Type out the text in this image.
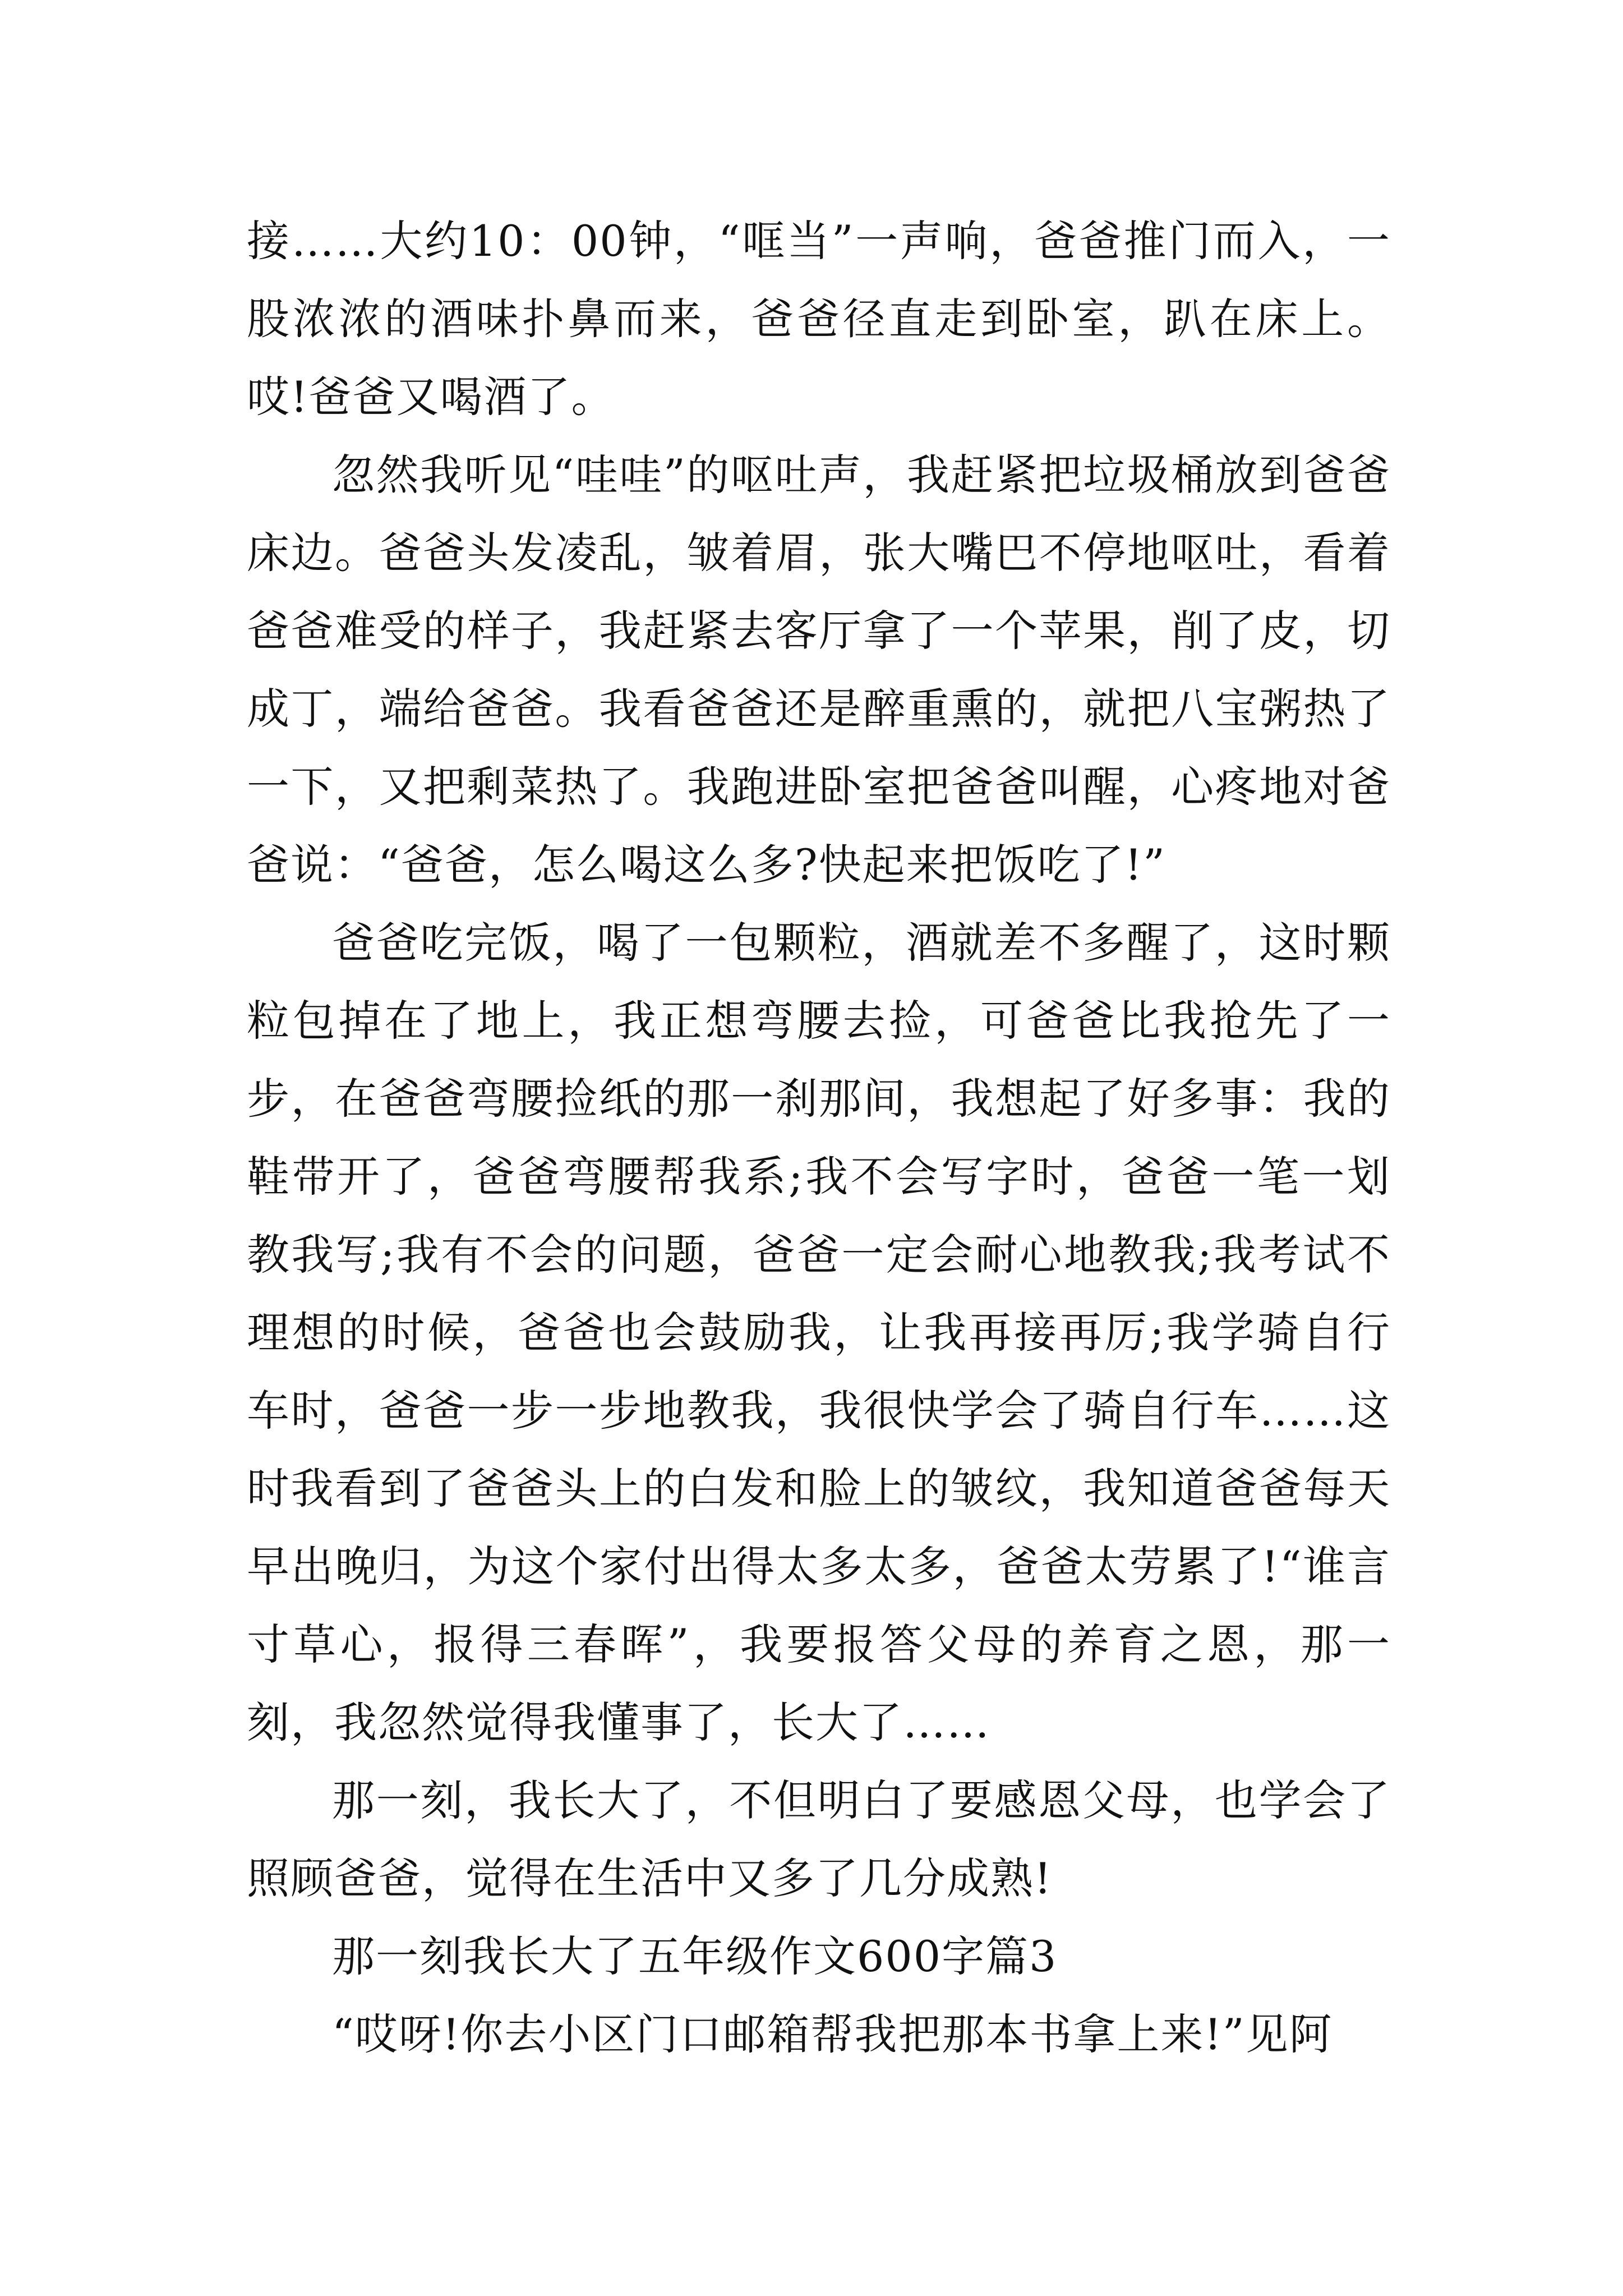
接……大约10：00钟，“哐当”一声响，爸爸推门而入，一股浓浓的酒味扑鼻而来，爸爸径直走到卧室，趴在床上。哎!爸爸又喝酒了。

忽然我听见“哇哇”的呕吐声，我赶紧把垃圾桶放到爸爸床边。爸爸头发凌乱，皱着眉，张大嘴巴不停地呕吐，看着爸爸难受的样子，我赶紧去客厅拿了一个苹果，削了皮，切成丁，端给爸爸。我看爸爸还是醉重熏的，就把八宝粥热了一下，又把剩菜热了。我跑进卧室把爸爸叫醒，心疼地对爸爸说：“爸爸，怎么喝这么多?快起来把饭吃了!”

爸爸吃完饭，喝了一包颗粒，酒就差不多醒了，这时颗粒包掉在了地上，我正想弯腰去捡，可爸爸比我抢先了一步，在爸爸弯腰捡纸的那一刹那间，我想起了好多事：我的鞋带开了，爸爸弯腰帮我系;我不会写字时，爸爸一笔一划教我写;我有不会的问题，爸爸一定会耐心地教我;我考试不理想的时候，爸爸也会鼓励我，让我再接再厉;我学骑自行车时，爸爸一步一步地教我，我很快学会了骑自行车……这时我看到了爸爸头上的白发和脸上的皱纹，我知道爸爸每天早出晚归，为这个家付出得太多太多，爸爸太劳累了!“谁言寸草心，报得三春晖”，我要报答父母的养育之恩，那一刻，我忽然觉得我懂事了，长大了……

那一刻，我长大了，不但明白了要感恩父母，也学会了照顾爸爸，觉得在生活中又多了几分成熟!

那一刻我长大了五年级作文600字篇3

“哎呀!你去小区门口邮箱帮我把那本书拿上来!”见阿
